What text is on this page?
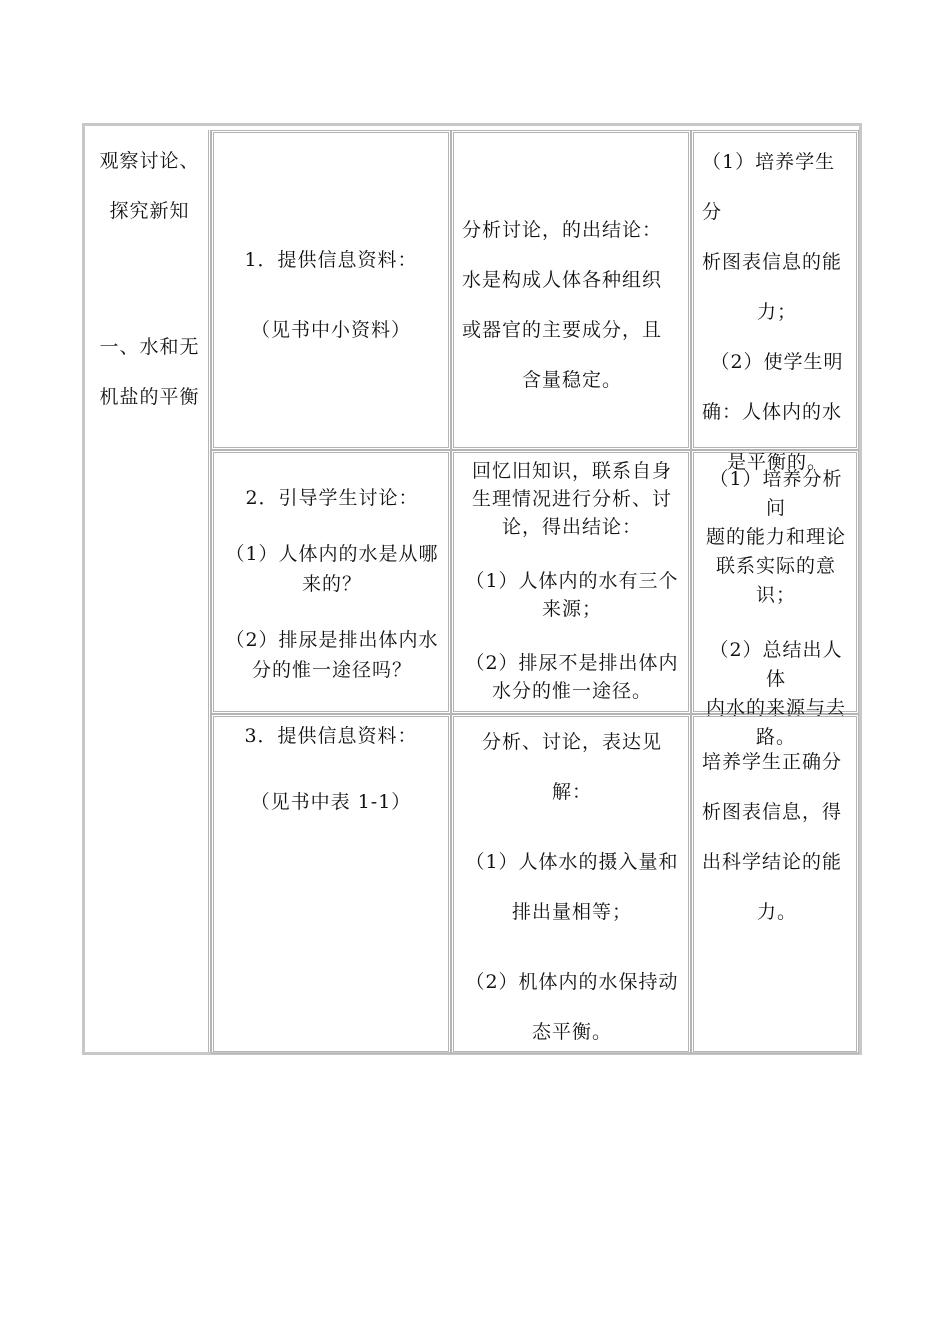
观察讨论、

探究新知

一、水和无

机盐的平衡

1．提供信息资料：

（见书中小资料）

分析讨论，的出结论：

水是构成人体各种组织

或器官的主要成分，且

含量稳定。

（1）培养学生分

析图表信息的能

力；

（2）使学生明

确：人体内的水

是平衡的。

2．引导学生讨论：

（1）人体内的水是从哪

来的？

（2）排尿是排出体内水

分的惟一途径吗？

回忆旧知识，联系自身

生理情况进行分析、讨

论，得出结论：

（1）人体内的水有三个

来源；

（2）排尿不是排出体内

水分的惟一途径。

（1）培养分析问

题的能力和理论

联系实际的意

识；

（2）总结出人体

内水的来源与去

路。

3．提供信息资料：

（见书中表 1-1）

分析、讨论，表达见

解：

（1）人体水的摄入量和

排出量相等；

（2）机体内的水保持动

态平衡。

培养学生正确分

析图表信息，得

出科学结论的能

力。
